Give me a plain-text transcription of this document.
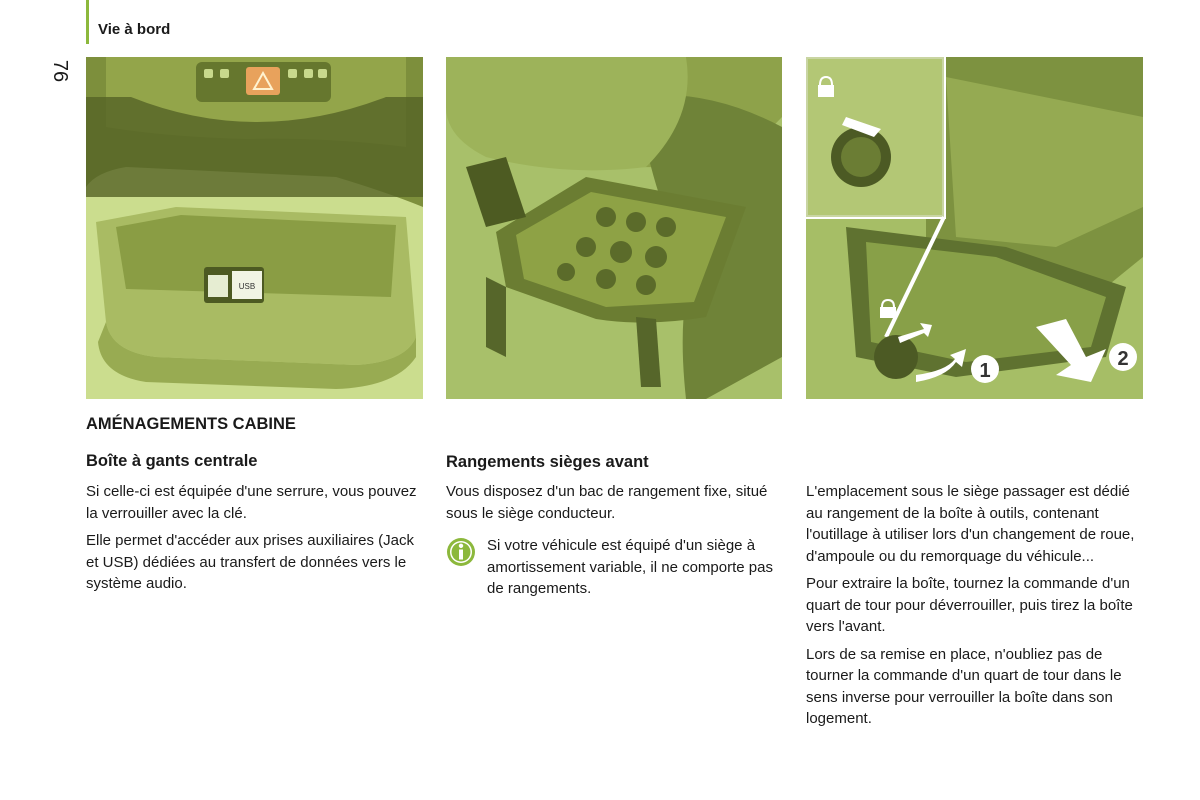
Vie à bord
76
USB
1
2
AMÉNAGEMENTS CABINE
Boîte à gants centrale

Si celle-ci est équipée d'une serrure, vous pouvez la verrouiller avec la clé.

Elle permet d'accéder aux prises auxiliaires (Jack et USB) dédiées au transfert de données vers le système audio.

Rangements sièges avant

Vous disposez d'un bac de rangement fixe, situé sous le siège conducteur.

Si votre véhicule est équipé d'un siège à amortissement variable, il ne comporte pas de rangements.

L'emplacement sous le siège passager est dédié au rangement de la boîte à outils, contenant l'outillage à utiliser lors d'un changement de roue, d'ampoule ou du remorquage du véhicule...

Pour extraire la boîte, tournez la commande d'un quart de tour pour déverrouiller, puis tirez la boîte vers l'avant.

Lors de sa remise en place, n'oubliez pas de tourner la commande d'un quart de tour dans le sens inverse pour verrouiller la boîte dans son logement.
